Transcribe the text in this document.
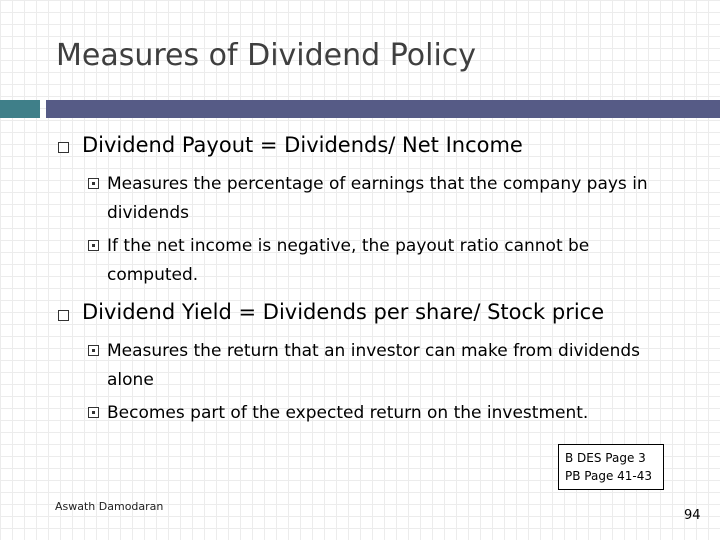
Measures of Dividend Policy
Dividend Payout = Dividends/ Net Income
Measures the percentage of earnings that the company pays in dividends
If the net income is negative, the payout ratio cannot be computed.
Dividend Yield = Dividends per share/ Stock price
Measures the return that an investor can make from dividends alone
Becomes part of the expected return on the investment.
B DES Page 3
PB Page 41-43
Aswath Damodaran
94
